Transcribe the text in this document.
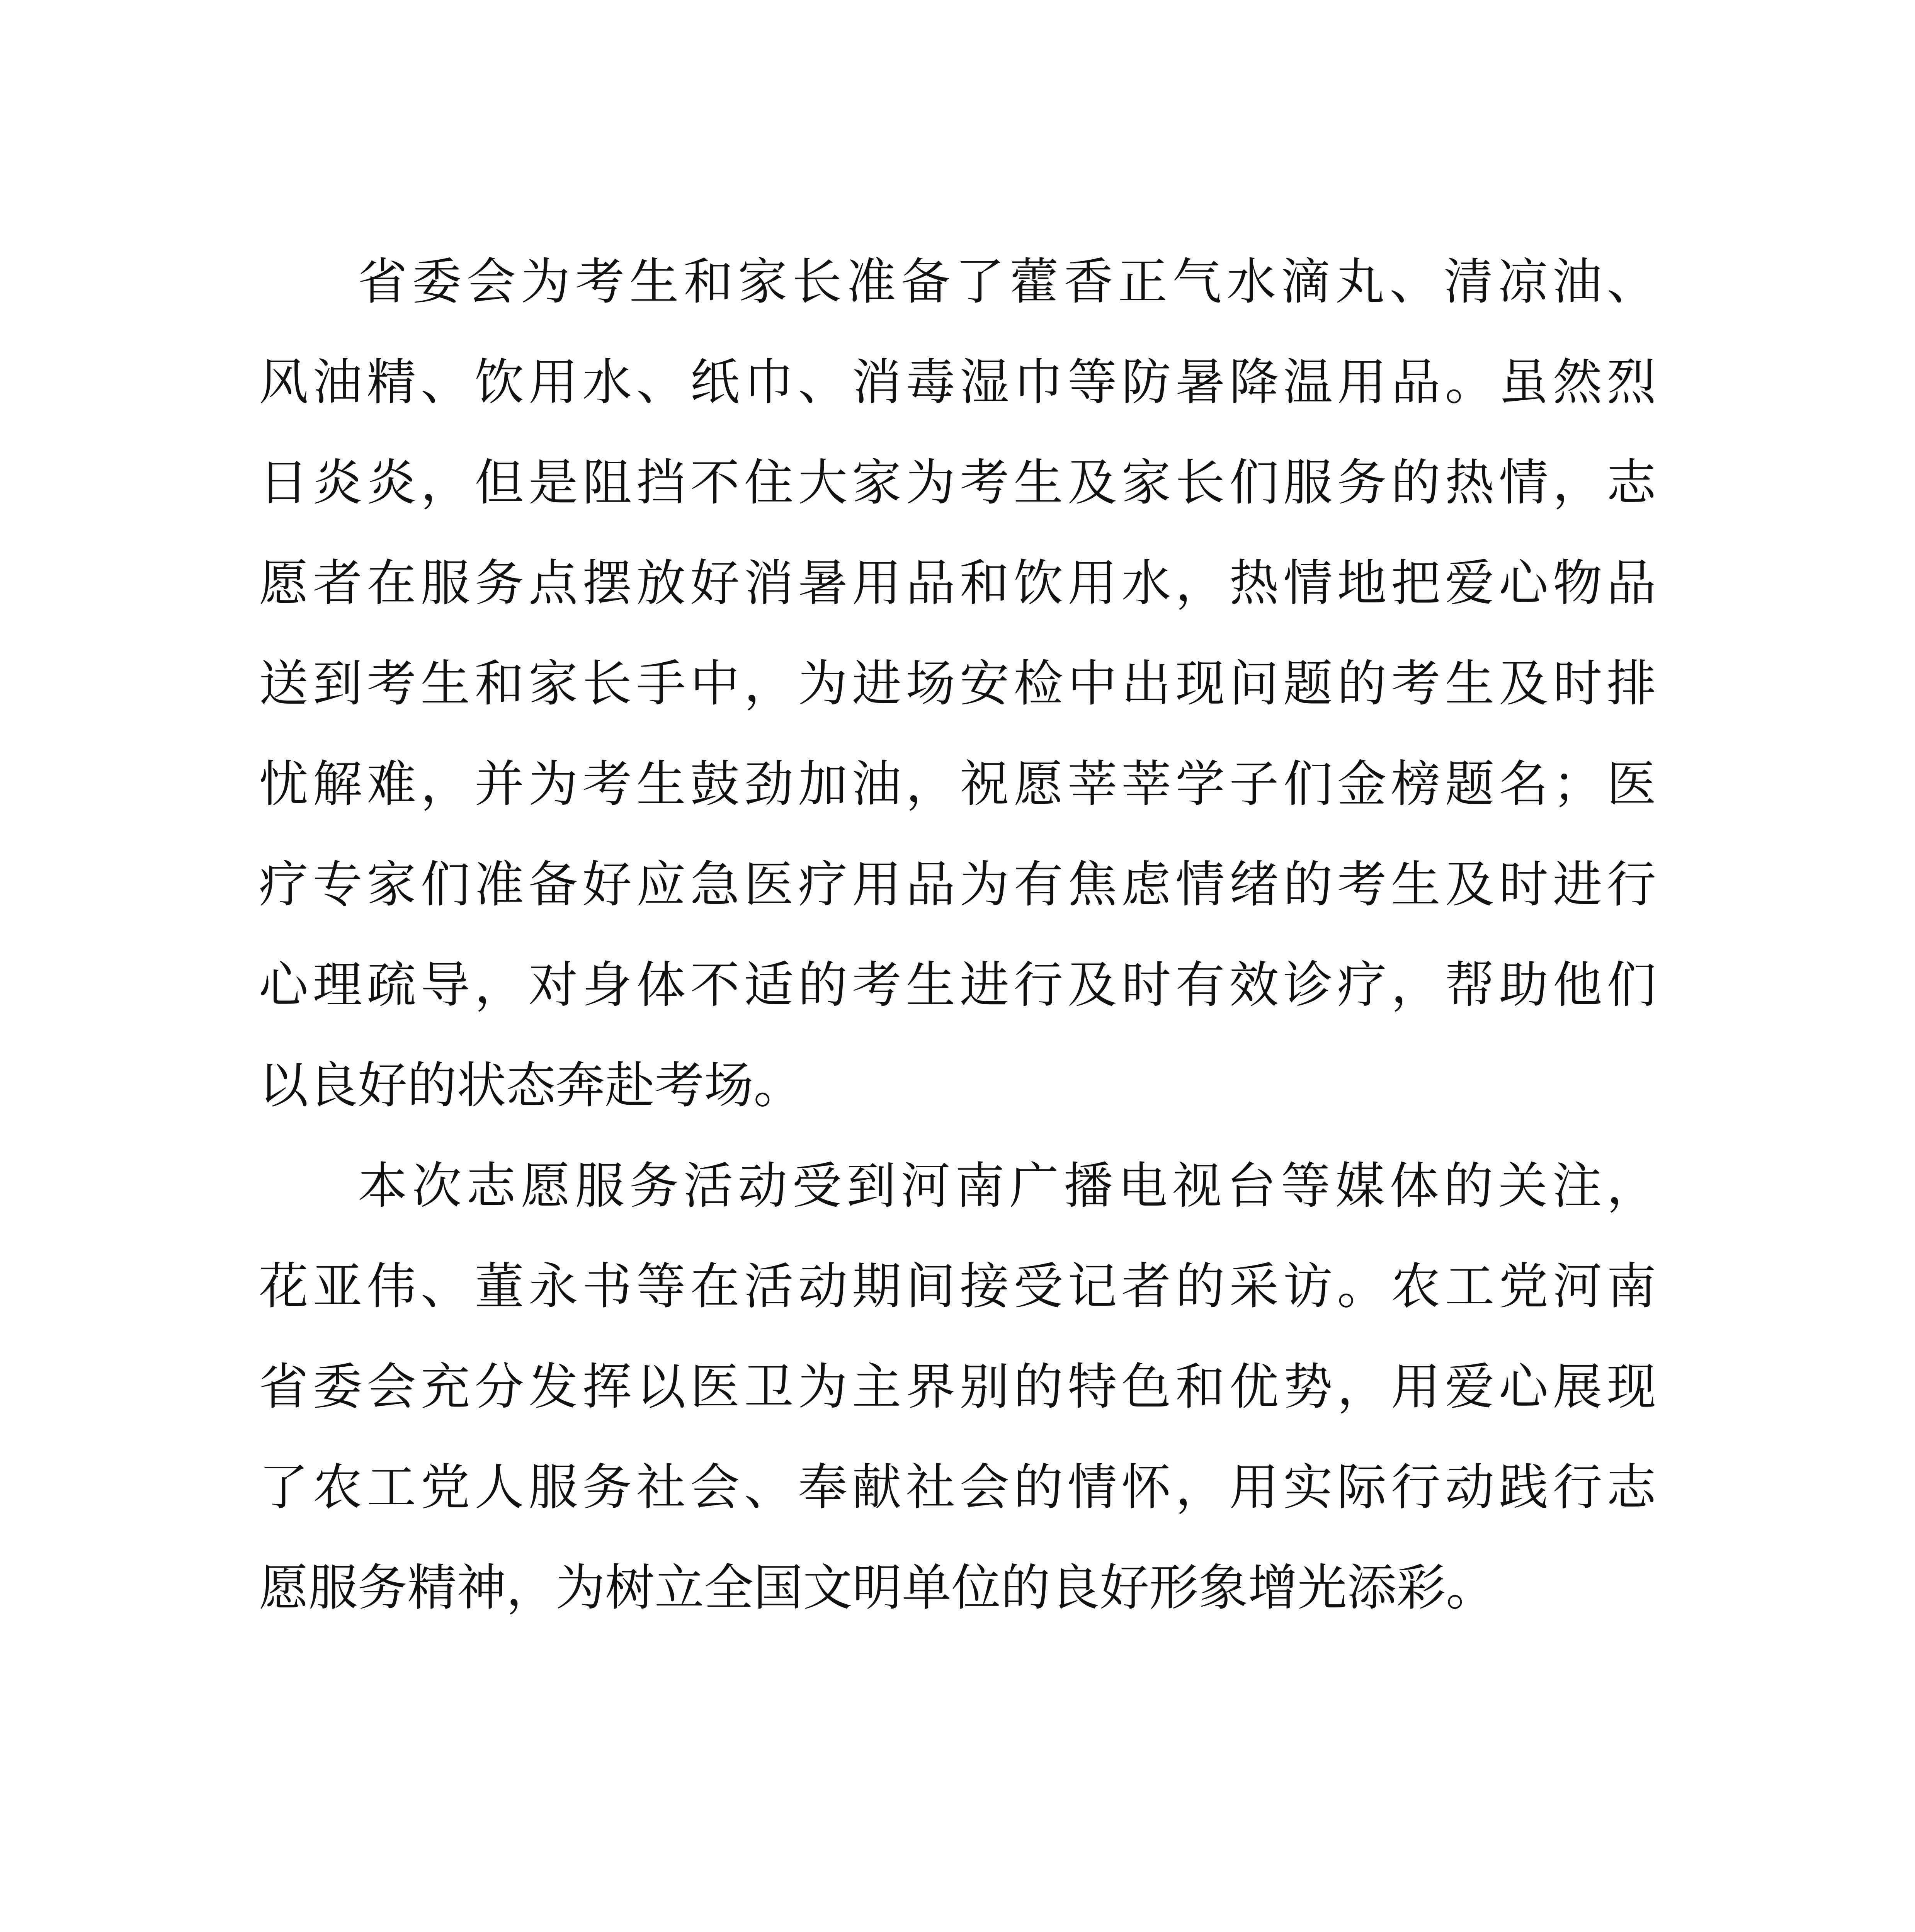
省委会为考生和家长准备了藿香正气水滴丸、清凉油、
风油精、饮用水、纸巾、消毒湿巾等防暑降温用品。虽然烈
日炎炎，但是阻挡不住大家为考生及家长们服务的热情，志
愿者在服务点摆放好消暑用品和饮用水，热情地把爱心物品
送到考生和家长手中，为进场安检中出现问题的考生及时排
忧解难，并为考生鼓劲加油，祝愿莘莘学子们金榜题名；医
疗专家们准备好应急医疗用品为有焦虑情绪的考生及时进行
心理疏导，对身体不适的考生进行及时有效诊疗，帮助他们
以良好的状态奔赴考场。
本次志愿服务活动受到河南广播电视台等媒体的关注，
花亚伟、董永书等在活动期间接受记者的采访。农工党河南
省委会充分发挥以医卫为主界别的特色和优势，用爱心展现
了农工党人服务社会、奉献社会的情怀，用实际行动践行志
愿服务精神，为树立全国文明单位的良好形象增光添彩。
